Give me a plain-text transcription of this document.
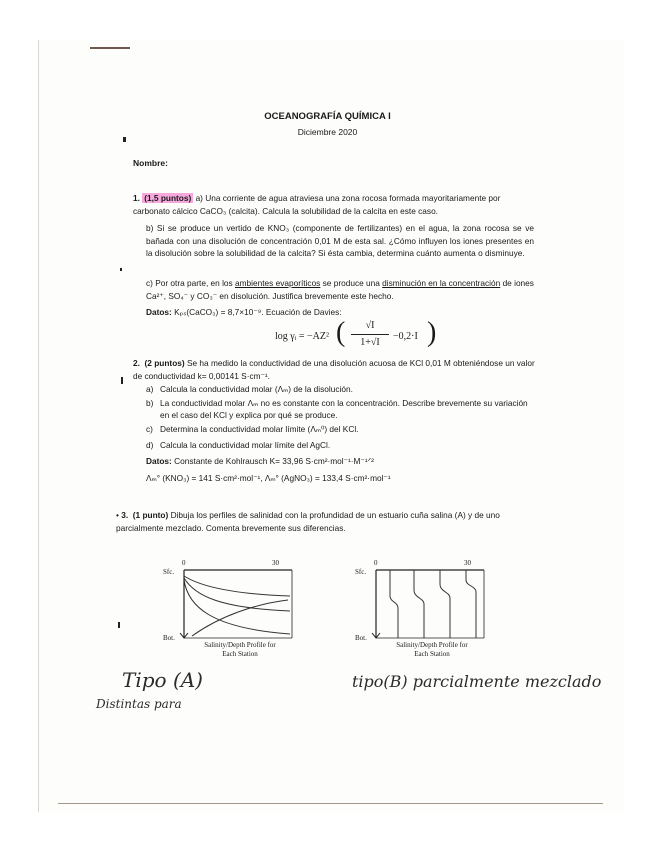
OCEANOGRAFÍA QUÍMICA I
Diciembre 2020
Nombre:
1. (1,5 puntos) a) Una corriente de agua atraviesa una zona rocosa formada mayoritariamente por carbonato cálcico CaCO₃ (calcita). Calcula la solubilidad de la calcita en este caso.
b) Si se produce un vertido de KNO₃ (componente de fertilizantes) en el agua, la zona rocosa se ve bañada con una disolución de concentración 0,01 M de esta sal. ¿Cómo influyen los iones presentes en la disolución sobre la solubilidad de la calcita? Si ésta cambia, determina cuánto aumenta o disminuye.
c) Por otra parte, en los ambientes evaporíticos se produce una disminución en la concentración de iones Ca²⁺, SO₄⁻ y CO₃⁻ en disolución. Justifica brevemente este hecho.
Datos: Kₚₛ(CaCO₃) = 8,7×10⁻⁹. Ecuación de Davies:
log γᵢ = −AZ² (	√I
1+√I
−0,2·I )
2. (2 puntos) Se ha medido la conductividad de una disolución acuosa de KCl 0,01 M obteniéndose un valor de conductividad k= 0,00141 S·cm⁻¹.
a) Calcula la conductividad molar (Λₘ) de la disolución.
b) La conductividad molar Λₘ no es constante con la concentración. Describe brevemente su variación en el caso del KCl y explica por qué se produce.
c) Determina la conductividad molar límite (Λₘ⁰) del KCl.
d) Calcula la conductividad molar límite del AgCl.
Datos: Constante de Kohlrausch K= 33,96 S·cm²·mol⁻¹·M⁻¹ᐟ²
Λₘ° (KNO₃) = 141 S·cm²·mol⁻¹, Λₘ° (AgNO₃) = 133,4 S·cm²·mol⁻¹
• 3. (1 punto) Dibuja los perfiles de salinidad con la profundidad de un estuario cuña salina (A) y de uno parcialmente mezclado. Comenta brevemente sus diferencias.
0	30
Sfc.
Bot.
Salinity/Depth Profile for
Each Station
0	30
Sfc.
Bot.
Salinity/Depth Profile for
Each Station
Tipo (A)
Distintas para
tipo(B) parcialmente mezclado
